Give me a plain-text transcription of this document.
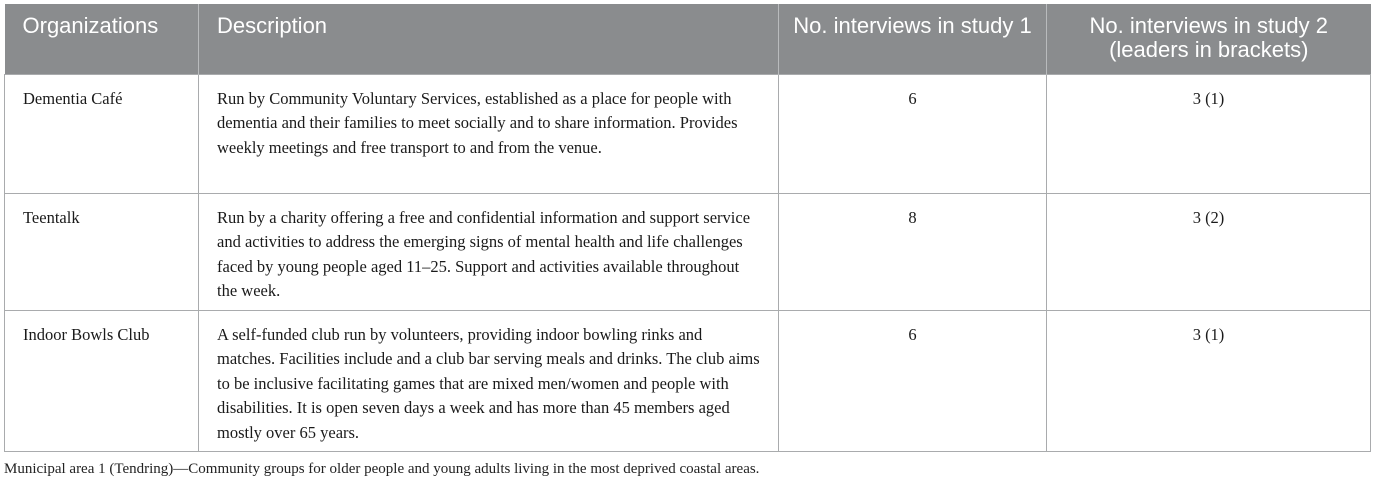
Organizations	Description	No. interviews in study 1	No. interviews in study 2 (leaders in brackets)
Dementia Café	Run by Community Voluntary Services, established as a place for people with dementia and their families to meet socially and to share information. Provides weekly meetings and free transport to and from the venue.	6	3 (1)
Teentalk	Run by a charity offering a free and confidential information and support service and activities to address the emerging signs of mental health and life challenges faced by young people aged 11–25. Support and activities available throughout the week.	8	3 (2)
Indoor Bowls Club	A self-funded club run by volunteers, providing indoor bowling rinks and matches. Facilities include and a club bar serving meals and drinks. The club aims to be inclusive facilitating games that are mixed men/women and people with disabilities. It is open seven days a week and has more than 45 members aged mostly over 65 years.	6	3 (1)
Municipal area 1 (Tendring)—Community groups for older people and young adults living in the most deprived coastal areas.
